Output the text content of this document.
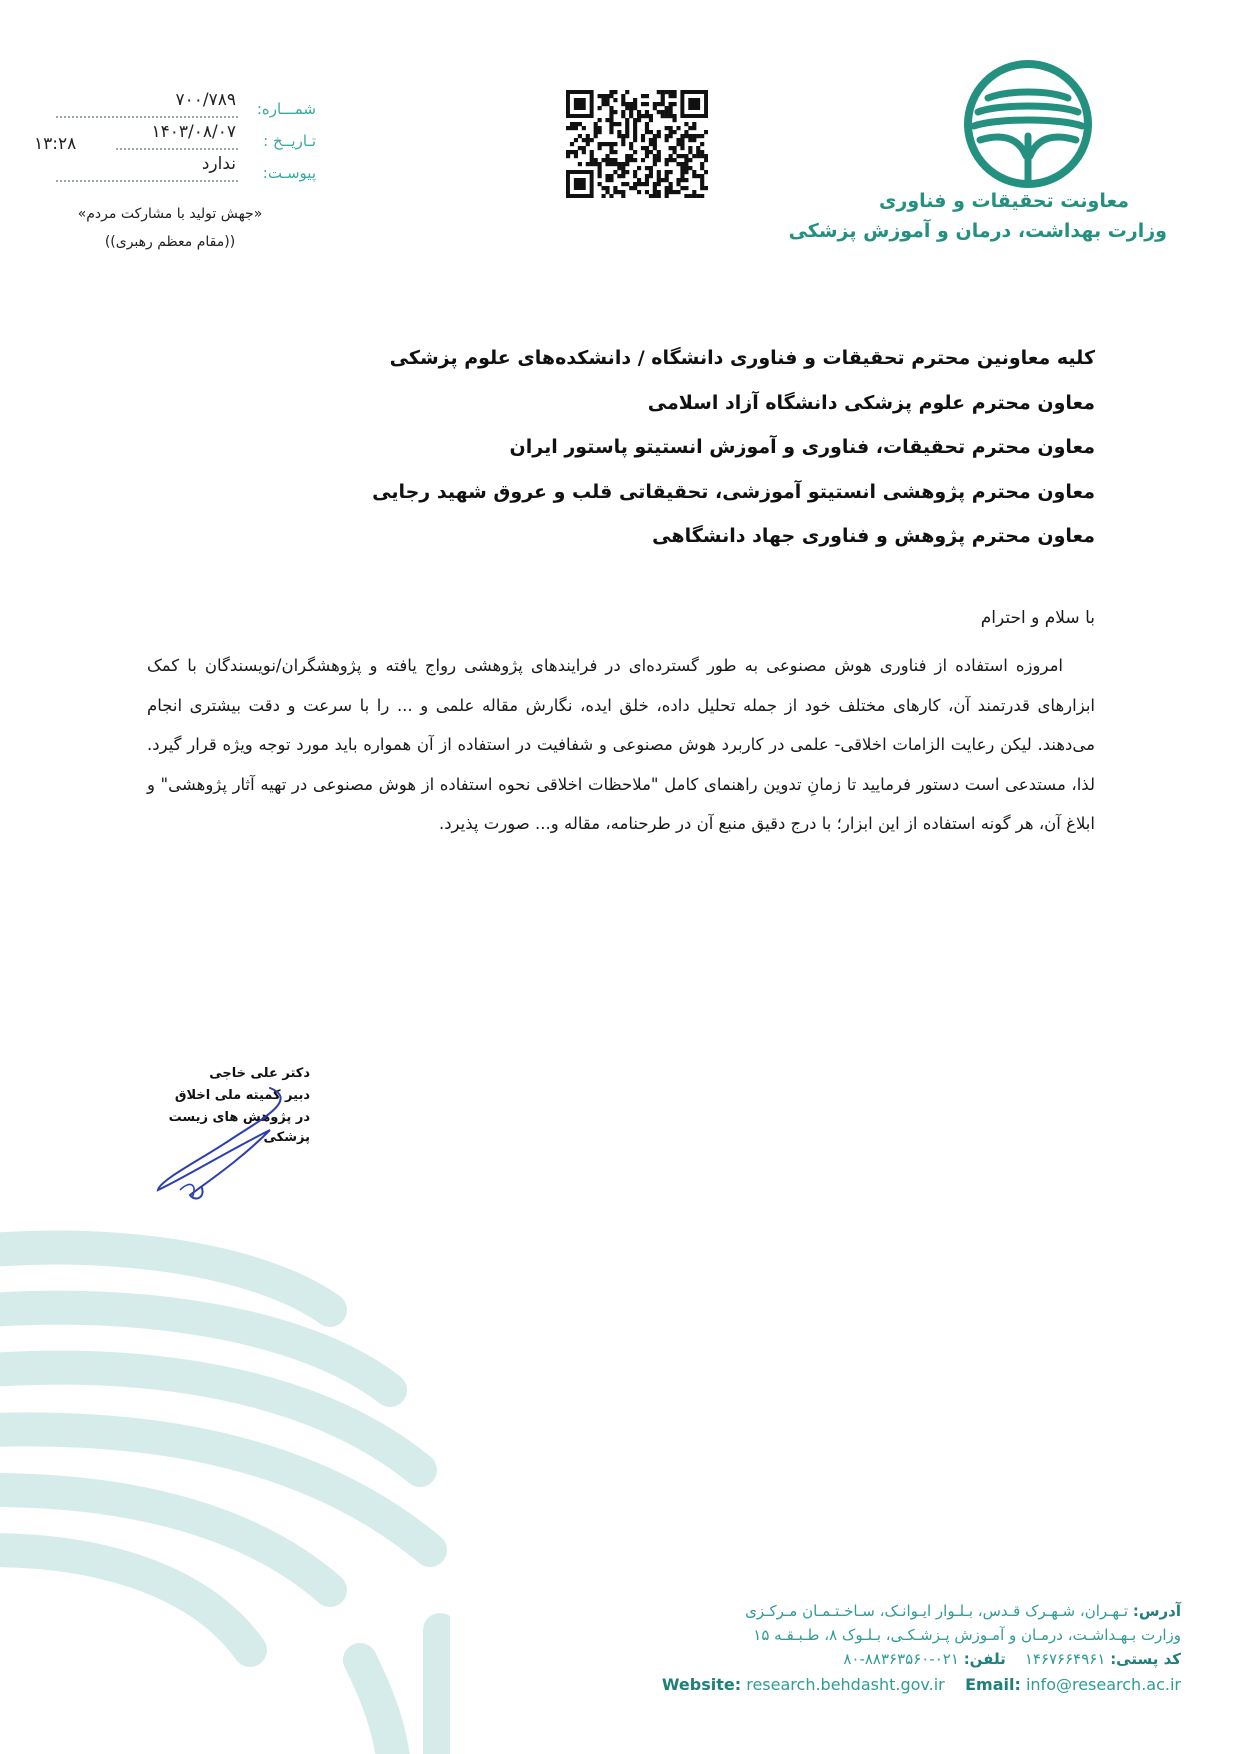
شمـــاره:
۷۰۰/۷۸۹
تـاریــخ :
۱۴۰۳/۰۸/۰۷
۱۳:۲۸
پیوسـت:
ندارد
«جهش تولید با مشارکت مردم»
((مقام معظم رهبری))
معاونت تحقیقات و فناوری
وزارت بهداشت، درمان و آموزش پزشکی
کلیه معاونین محترم تحقیقات و فناوری دانشگاه / دانشکده‌های علوم پزشکی
معاون محترم علوم پزشکی دانشگاه آزاد اسلامی
معاون محترم تحقیقات، فناوری و آموزش انستیتو پاستور ایران
معاون محترم پژوهشی انستیتو آموزشی، تحقیقاتی قلب و عروق شهید رجایی
معاون محترم پژوهش و فناوری جهاد دانشگاهی
با سلام و احترام
امروزه استفاده از فناوری هوش مصنوعی به طور گسترده‌ای در فرایندهای پژوهشی رواج یافته و پژوهشگران/نویسندگان با کمک ابزارهای قدرتمند آن، کارهای مختلف خود از جمله تحلیل داده، خلق ایده، نگارش مقاله علمی و ... را با سرعت و دقت بیشتری انجام می‌دهند. لیکن رعایت الزامات اخلاقی- علمی در کاربرد هوش مصنوعی و شفافیت در استفاده از آن همواره باید مورد توجه ویژه قرار گیرد. لذا، مستدعی است دستور فرمایید تا زمانِ تدوین راهنمای کامل "ملاحظات اخلاقی نحوه استفاده از هوش مصنوعی در تهیه آثار پژوهشی" و ابلاغ آن، هر گونه استفاده از این ابزار؛ با درج دقیق منبع آن در طرحنامه، مقاله و... صورت پذیرد.
دکتر علی خاجی
دبیر کمیته ملی اخلاق
در پژوهش های زیست پزشکی
آدرس: تـهـران، شـهـرک قـدس، بـلـوار ایـوانـک، سـاخـتـمـان مـرکـزی
وزارت بـهـداشـت، درمـان و آمـوزش پـزشـکـی، بـلـوک ۸، طـبـقـه ۱۵
کد پستی: ۱۴۶۷۶۶۴۹۶۱    تلفن: ۰۲۱-۸۸۳۶۳۵۶۰-۸۰
Website: research.behdasht.gov.ir Email: info@research.ac.ir
